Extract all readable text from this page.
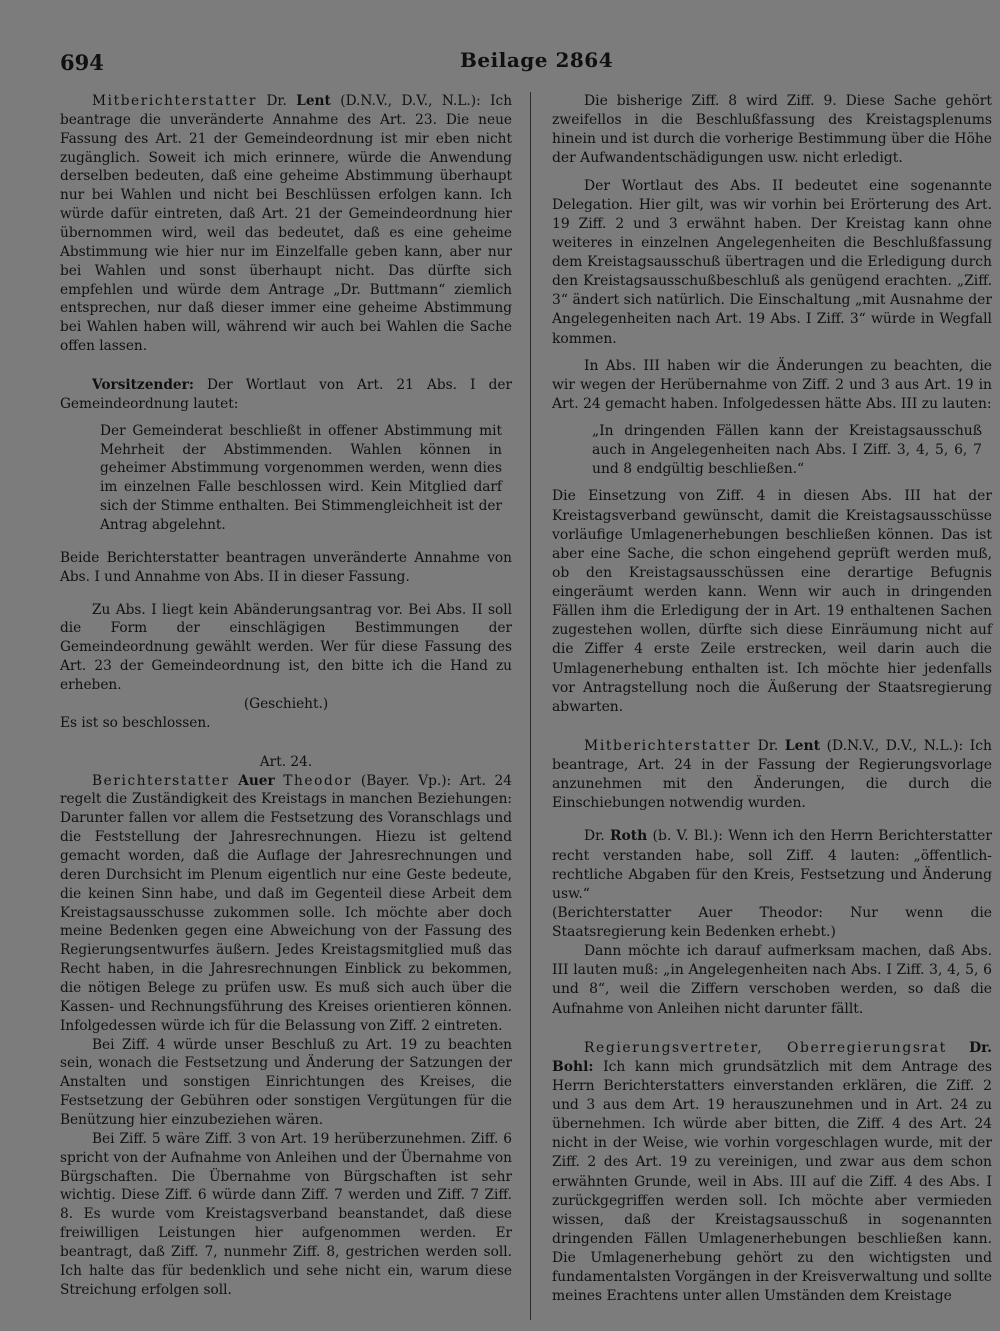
694	Beilage 2864

Mitberichterstatter Dr. Lent (D.N.V., D.V., N.L.): Ich beantrage die unveränderte Annahme des Art. 23. Die neue Fassung des Art. 21 der Gemeindeordnung ist mir eben nicht zugänglich. Soweit ich mich erinnere, würde die Anwendung derselben bedeuten, daß eine geheime Abstimmung überhaupt nur bei Wahlen und nicht bei Beschlüssen erfolgen kann. Ich würde dafür eintreten, daß Art. 21 der Gemeindeordnung hier übernommen wird, weil das bedeutet, daß es eine geheime Abstimmung wie hier nur im Einzelfalle geben kann, aber nur bei Wahlen und sonst überhaupt nicht. Das dürfte sich empfehlen und würde dem Antrage „Dr. Buttmann“ ziemlich entsprechen, nur daß dieser immer eine geheime Abstimmung bei Wahlen haben will, während wir auch bei Wahlen die Sache offen lassen.

Vorsitzender: Der Wortlaut von Art. 21 Abs. I der Gemeindeordnung lautet:

Der Gemeinderat beschließt in offener Abstimmung mit Mehrheit der Abstimmenden. Wahlen können in geheimer Abstimmung vorgenommen werden, wenn dies im einzelnen Falle beschlossen wird. Kein Mitglied darf sich der Stimme enthalten. Bei Stimmengleichheit ist der Antrag abgelehnt.

Beide Berichterstatter beantragen unveränderte Annahme von Abs. I und Annahme von Abs. II in dieser Fassung.

Zu Abs. I liegt kein Abänderungsantrag vor. Bei Abs. II soll die Form der einschlägigen Bestimmungen der Gemeindeordnung gewählt werden. Wer für diese Fassung des Art. 23 der Gemeindeordnung ist, den bitte ich die Hand zu erheben.

(Geschieht.)

Es ist so beschlossen.

Art. 24.

Berichterstatter Auer Theodor (Bayer. Vp.): Art. 24 regelt die Zuständigkeit des Kreistags in manchen Beziehungen: Darunter fallen vor allem die Festsetzung des Voranschlags und die Feststellung der Jahresrechnungen. Hiezu ist geltend gemacht worden, daß die Auflage der Jahresrechnungen und deren Durchsicht im Plenum eigentlich nur eine Geste bedeute, die keinen Sinn habe, und daß im Gegenteil diese Arbeit dem Kreistagsausschusse zukommen solle. Ich möchte aber doch meine Bedenken gegen eine Abweichung von der Fassung des Regierungsentwurfes äußern. Jedes Kreistagsmitglied muß das Recht haben, in die Jahresrechnungen Einblick zu bekommen, die nötigen Belege zu prüfen usw. Es muß sich auch über die Kassen- und Rechnungsführung des Kreises orientieren können. Infolgedessen würde ich für die Belassung von Ziff. 2 eintreten.

Bei Ziff. 4 würde unser Beschluß zu Art. 19 zu beachten sein, wonach die Festsetzung und Änderung der Satzungen der Anstalten und sonstigen Einrichtungen des Kreises, die Festsetzung der Gebühren oder sonstigen Vergütungen für die Benützung hier einzubeziehen wären.

Bei Ziff. 5 wäre Ziff. 3 von Art. 19 herüberzunehmen. Ziff. 6 spricht von der Aufnahme von Anleihen und der Übernahme von Bürgschaften. Die Übernahme von Bürgschaften ist sehr wichtig. Diese Ziff. 6 würde dann Ziff. 7 werden und Ziff. 7 Ziff. 8. Es wurde vom Kreistagsverband beanstandet, daß diese freiwilligen Leistungen hier aufgenommen werden. Er beantragt, daß Ziff. 7, nunmehr Ziff. 8, gestrichen werden soll. Ich halte das für bedenklich und sehe nicht ein, warum diese Streichung erfolgen soll.

Die bisherige Ziff. 8 wird Ziff. 9. Diese Sache gehört zweifellos in die Beschlußfassung des Kreistagsplenums hinein und ist durch die vorherige Bestimmung über die Höhe der Aufwandentschädigungen usw. nicht erledigt.

Der Wortlaut des Abs. II bedeutet eine sogenannte Delegation. Hier gilt, was wir vorhin bei Erörterung des Art. 19 Ziff. 2 und 3 erwähnt haben. Der Kreistag kann ohne weiteres in einzelnen Angelegenheiten die Beschlußfassung dem Kreistagsausschuß übertragen und die Erledigung durch den Kreistagsausschußbeschluß als genügend erachten. „Ziff. 3“ ändert sich natürlich. Die Einschaltung „mit Ausnahme der Angelegenheiten nach Art. 19 Abs. I Ziff. 3“ würde in Wegfall kommen.

In Abs. III haben wir die Änderungen zu beachten, die wir wegen der Herübernahme von Ziff. 2 und 3 aus Art. 19 in Art. 24 gemacht haben. Infolgedessen hätte Abs. III zu lauten:

„In dringenden Fällen kann der Kreistagsausschuß auch in Angelegenheiten nach Abs. I Ziff. 3, 4, 5, 6, 7 und 8 endgültig beschließen.“

Die Einsetzung von Ziff. 4 in diesen Abs. III hat der Kreistagsverband gewünscht, damit die Kreistagsausschüsse vorläufige Umlagenerhebungen beschließen können. Das ist aber eine Sache, die schon eingehend geprüft werden muß, ob den Kreistagsausschüssen eine derartige Befugnis eingeräumt werden kann. Wenn wir auch in dringenden Fällen ihm die Erledigung der in Art. 19 enthaltenen Sachen zugestehen wollen, dürfte sich diese Einräumung nicht auf die Ziffer 4 erste Zeile erstrecken, weil darin auch die Umlagenerhebung enthalten ist. Ich möchte hier jedenfalls vor Antragstellung noch die Äußerung der Staatsregierung abwarten.

Mitberichterstatter Dr. Lent (D.N.V., D.V., N.L.): Ich beantrage, Art. 24 in der Fassung der Regierungsvorlage anzunehmen mit den Änderungen, die durch die Einschiebungen notwendig wurden.

Dr. Roth (b. V. Bl.): Wenn ich den Herrn Berichterstatter recht verstanden habe, soll Ziff. 4 lauten: „öffentlich-rechtliche Abgaben für den Kreis, Festsetzung und Änderung usw.“

(Berichterstatter Auer Theodor: Nur wenn die Staatsregierung kein Bedenken erhebt.)

Dann möchte ich darauf aufmerksam machen, daß Abs. III lauten muß: „in Angelegenheiten nach Abs. I Ziff. 3, 4, 5, 6 und 8“, weil die Ziffern verschoben werden, so daß die Aufnahme von Anleihen nicht darunter fällt.

Regierungsvertreter, Oberregierungsrat Dr. Bohl: Ich kann mich grundsätzlich mit dem Antrage des Herrn Berichterstatters einverstanden erklären, die Ziff. 2 und 3 aus dem Art. 19 herauszunehmen und in Art. 24 zu übernehmen. Ich würde aber bitten, die Ziff. 4 des Art. 24 nicht in der Weise, wie vorhin vorgeschlagen wurde, mit der Ziff. 2 des Art. 19 zu vereinigen, und zwar aus dem schon erwähnten Grunde, weil in Abs. III auf die Ziff. 4 des Abs. I zurückgegriffen werden soll. Ich möchte aber vermieden wissen, daß der Kreistagsausschuß in sogenannten dringenden Fällen Umlagenerhebungen beschließen kann. Die Umlagenerhebung gehört zu den wichtigsten und fundamentalsten Vorgängen in der Kreisverwaltung und sollte meines Erachtens unter allen Umständen dem Kreistage
